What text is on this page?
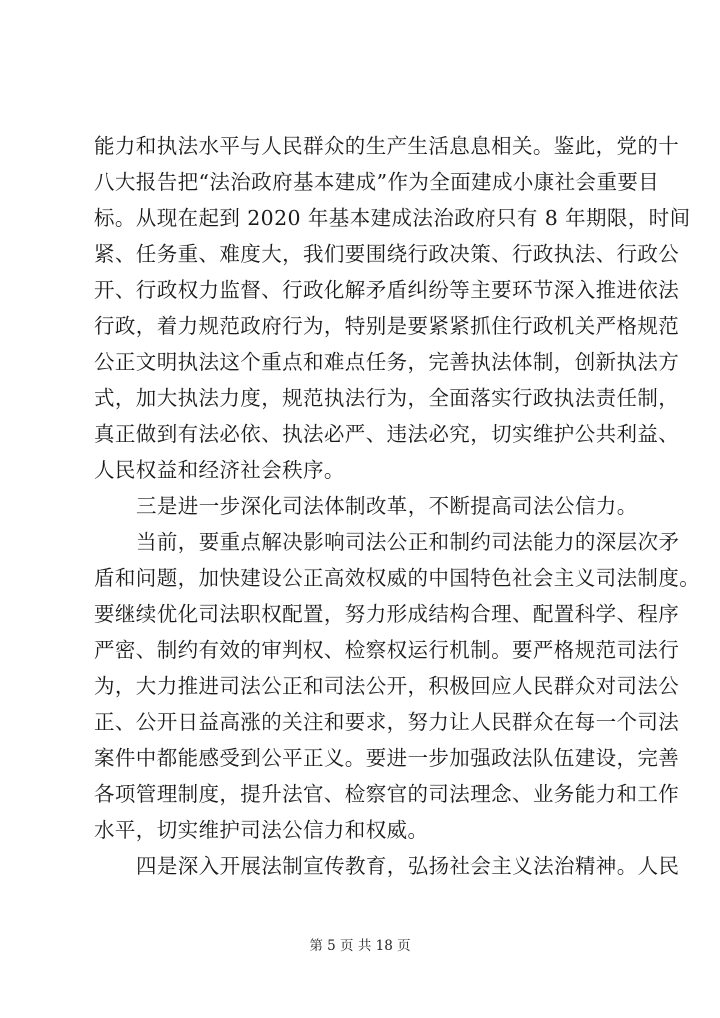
能力和执法水平与人民群众的生产生活息息相关。鉴此，党的十
八大报告把“法治政府基本建成”作为全面建成小康社会重要目
标。从现在起到 2020 年基本建成法治政府只有 8 年期限，时间
紧、任务重、难度大，我们要围绕行政决策、行政执法、行政公
开、行政权力监督、行政化解矛盾纠纷等主要环节深入推进依法
行政，着力规范政府行为，特别是要紧紧抓住行政机关严格规范
公正文明执法这个重点和难点任务，完善执法体制，创新执法方
式，加大执法力度，规范执法行为，全面落实行政执法责任制，
真正做到有法必依、执法必严、违法必究，切实维护公共利益、
人民权益和经济社会秩序。
三是进一步深化司法体制改革，不断提高司法公信力。
当前，要重点解决影响司法公正和制约司法能力的深层次矛
盾和问题，加快建设公正高效权威的中国特色社会主义司法制度。
要继续优化司法职权配置，努力形成结构合理、配置科学、程序
严密、制约有效的审判权、检察权运行机制。要严格规范司法行
为，大力推进司法公正和司法公开，积极回应人民群众对司法公
正、公开日益高涨的关注和要求，努力让人民群众在每一个司法
案件中都能感受到公平正义。要进一步加强政法队伍建设，完善
各项管理制度，提升法官、检察官的司法理念、业务能力和工作
水平，切实维护司法公信力和权威。
四是深入开展法制宣传教育，弘扬社会主义法治精神。人民
第 5 页 共 18 页
